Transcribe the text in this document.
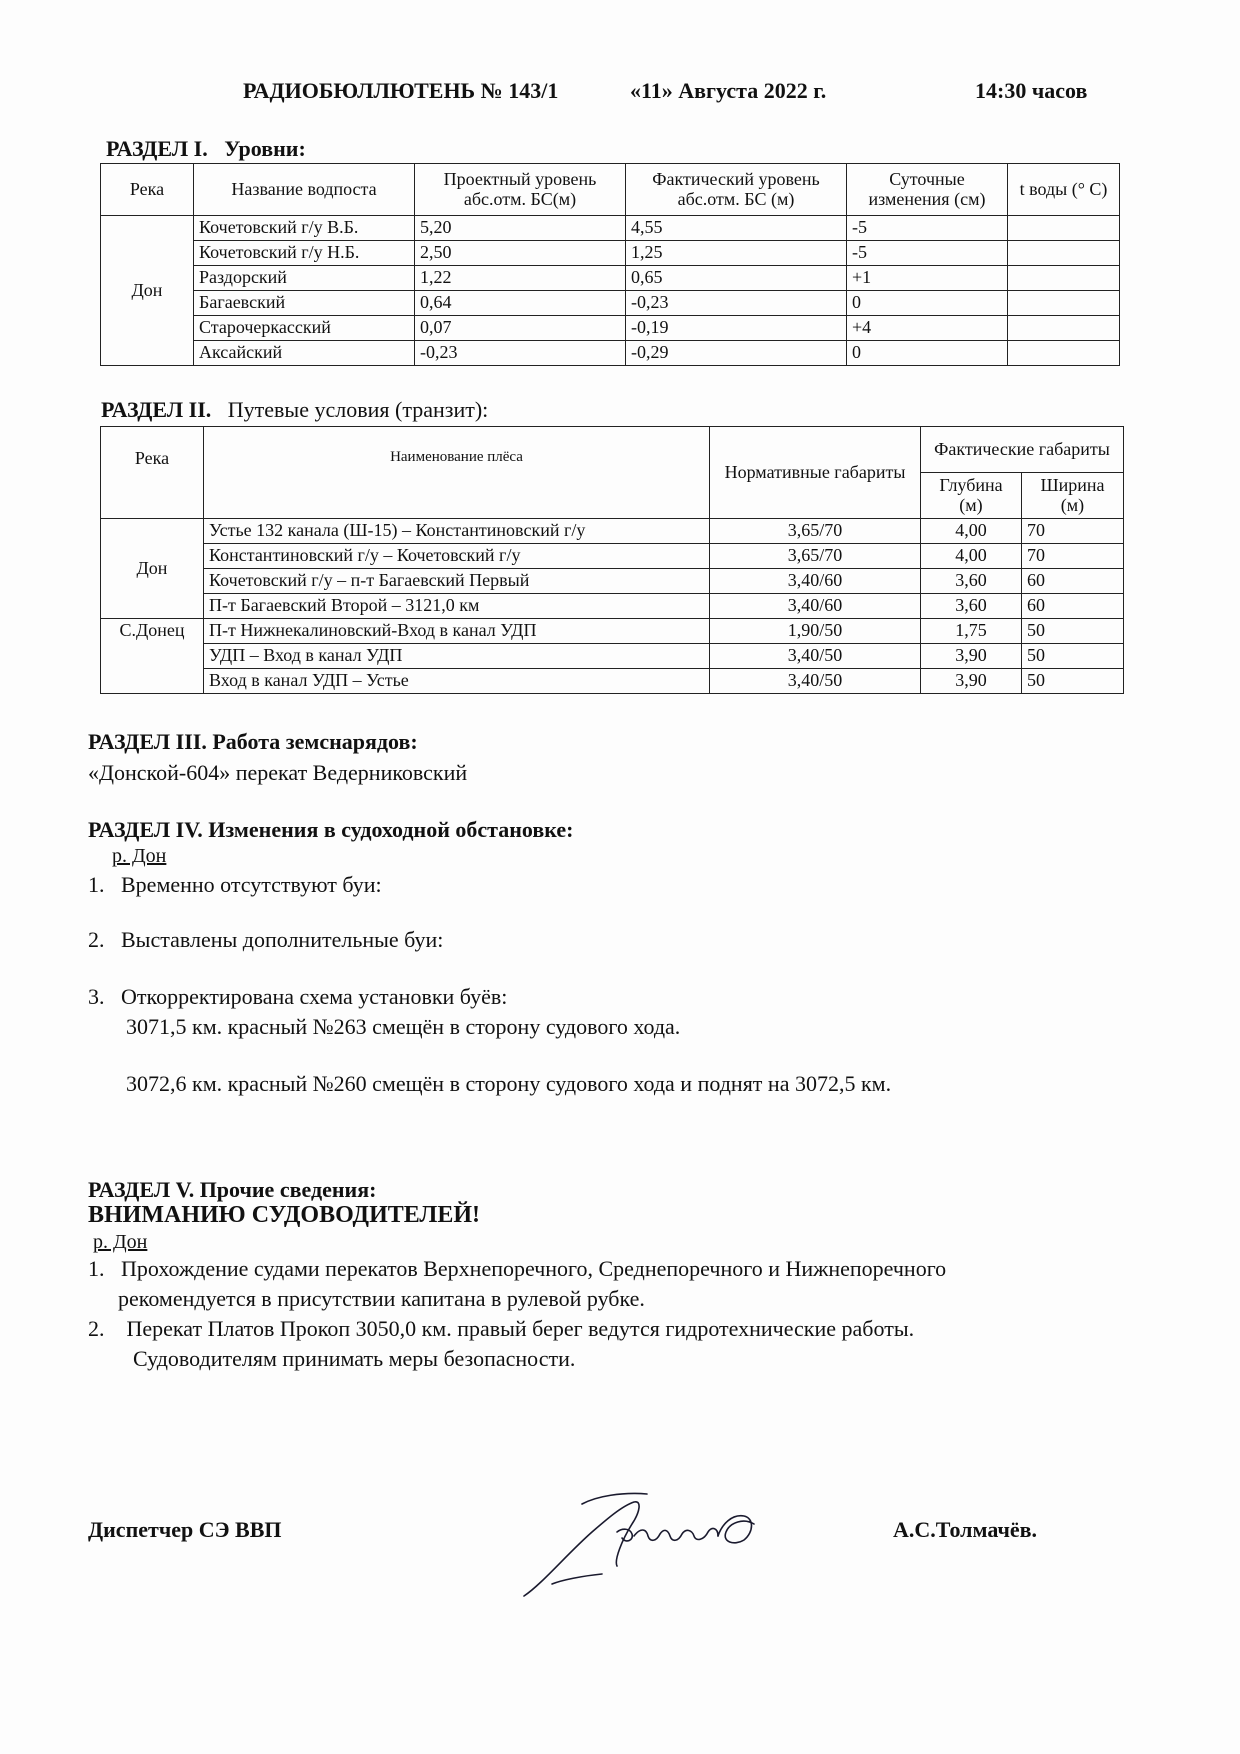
РАДИОБЮЛЛЮТЕНЬ № 143/1	«11» Августа 2022 г.	14:30 часов
РАЗДЕЛ I. Уровни:
Река	Название водпоста	Проектный уровень абс.отм. БС(м)	Фактический уровень абс.отм. БС (м)	Суточные изменения (см)	t воды (° С)
Дон	Кочетовский г/у В.Б.	5,20	4,55	-5	
	Кочетовский г/у Н.Б.	2,50	1,25	-5	
	Раздорский	1,22	0,65	+1	
	Багаевский	0,64	-0,23	0	
	Старочеркасский	0,07	-0,19	+4	
	Аксайский	-0,23	-0,29	0	
РАЗДЕЛ II. Путевые условия (транзит):
Река	Наименование плёса	Нормативные габариты	Фактические габариты	
			Глубина (м)	Ширина (м)
Дон	Устье 132 канала (Ш-15) – Константиновский г/у	3,65/70	4,00	70
	Константиновский г/у – Кочетовский г/у	3,65/70	4,00	70
	Кочетовский г/у – п-т Багаевский Первый	3,40/60	3,60	60
	П-т Багаевский Второй – 3121,0 км	3,40/60	3,60	60
С.Донец	П-т Нижнекалиновский-Вход в канал УДП	1,90/50	1,75	50
	УДП – Вход в канал УДП	3,40/50	3,90	50
	Вход в канал УДП – Устье	3,40/50	3,90	50
РАЗДЕЛ III. Работа земснарядов:
«Донской-604» перекат Ведерниковский
РАЗДЕЛ IV. Изменения в судоходной обстановке:
р. Дон
1. Временно отсутствуют буи:
2. Выставлены дополнительные буи:
3. Откорректирована схема установки буёв:
3071,5 км. красный №263 смещён в сторону судового хода.
3072,6 км. красный №260 смещён в сторону судового хода и поднят на 3072,5 км.
РАЗДЕЛ V. Прочие сведения:
ВНИМАНИЮ СУДОВОДИТЕЛЕЙ!
р. Дон
1. Прохождение судами перекатов Верхнепоречного, Среднепоречного и Нижнепоречного
рекомендуется в присутствии капитана в рулевой рубке.
2. Перекат Платов Прокоп 3050,0 км. правый берег ведутся гидротехнические работы.
Судоводителям принимать меры безопасности.
Диспетчер СЭ ВВП	А.С.Толмачёв.
